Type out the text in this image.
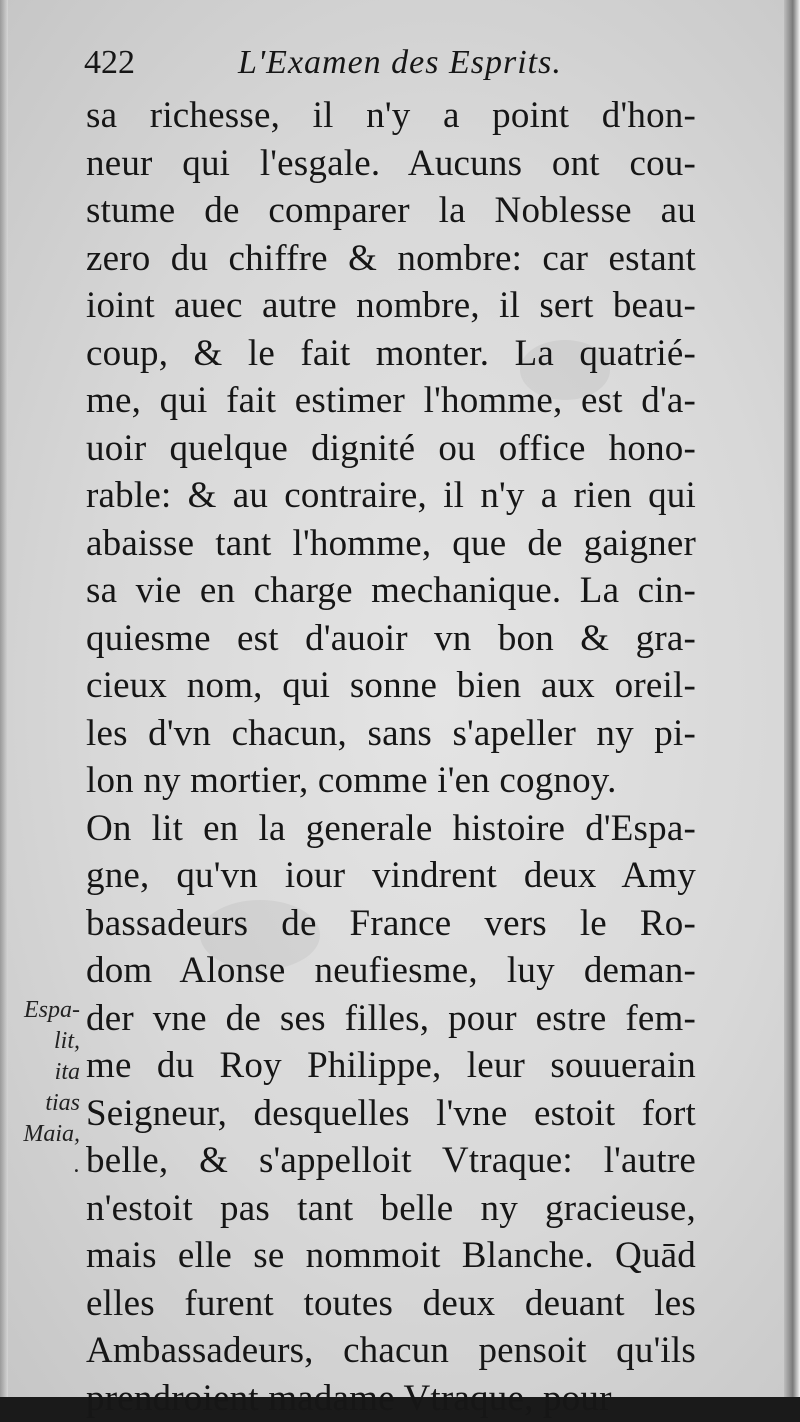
422	L'Examen des Esprits.
sa richesse, il n'y a point d'hon-
neur qui l'esgale. Aucuns ont cou-
stume de comparer la Noblesse au
zero du chiffre & nombre: car estant
ioint auec autre nombre, il sert beau-
coup, & le fait monter. La quatrié-
me, qui fait estimer l'homme, est d'a-
uoir quelque dignité ou office hono-
rable: & au contraire, il n'y a rien qui
abaisse tant l'homme, que de gaigner
sa vie en charge mechanique. La cin-
quiesme est d'auoir vn bon & gra-
cieux nom, qui sonne bien aux oreil-
les d'vn chacun, sans s'apeller ny pi-
lon ny mortier, comme i'en cognoy.
On lit en la generale histoire d'Espa-
gne, qu'vn iour vindrent deux Amy
bassadeurs de France vers le Ro-
dom Alonse neufiesme, luy deman-
der vne de ses filles, pour estre fem-
me du Roy Philippe, leur souuerain
Seigneur, desquelles l'vne estoit fort
belle, & s'appelloit Vtraque: l'autre
n'estoit pas tant belle ny gracieuse,
mais elle se nommoit Blanche. Quād
elles furent toutes deux deuant les
Ambassadeurs, chacun pensoit qu'ils
prendroient madame Vtraque, pour
Espa-
lit,
ita
tias
Maia,
.
